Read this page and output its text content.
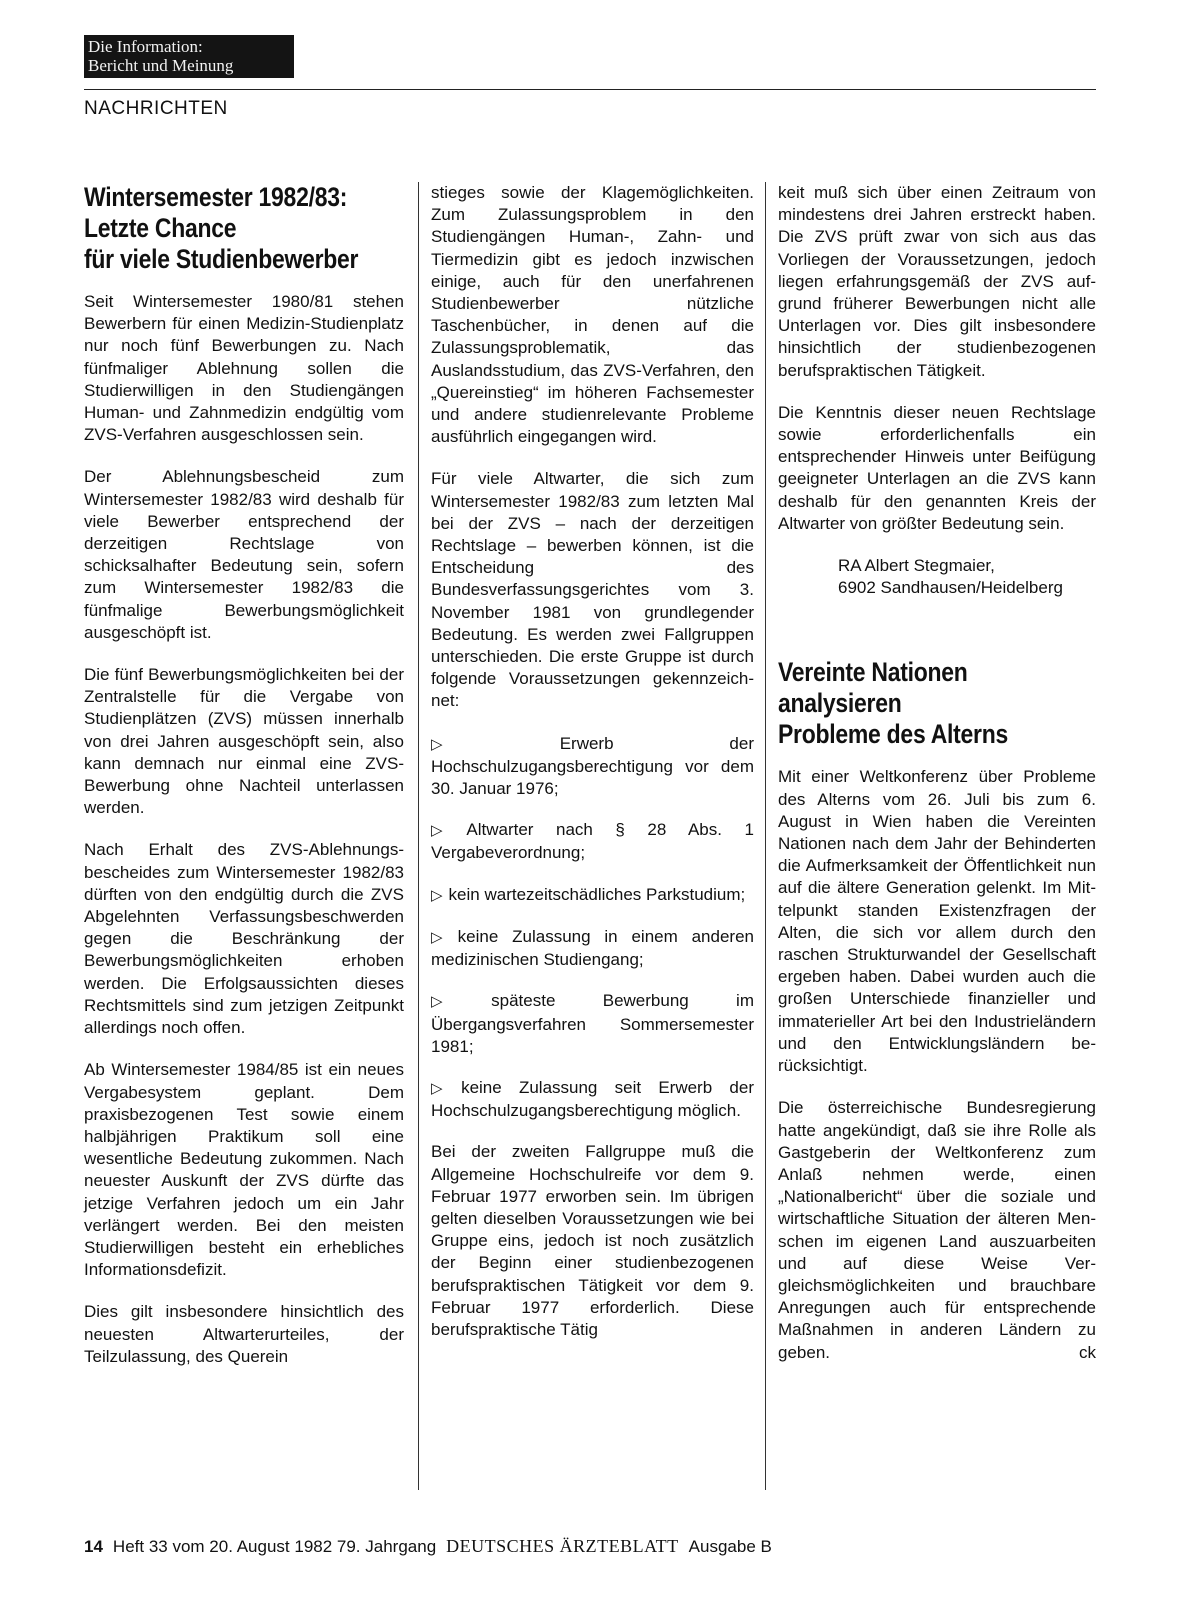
Die Information:
Bericht und Meinung
NACHRICHTEN
Wintersemester 1982/83:
Letzte Chance
für viele Studienbewerber

Seit Wintersemester 1980/81 stehen Bewerbern für einen Medizin-Studienplatz nur noch fünf Bewerbungen zu. Nach fünfmaliger Ablehnung sollen die Studierwilligen in den Studiengängen Human- und Zahnmedizin endgültig vom ZVS-Verfahren ausgeschlossen sein.

Der Ablehnungsbescheid zum Wintersemester 1982/83 wird deshalb für viele Bewerber entsprechend der derzeitigen Rechtslage von schicksalhafter Bedeutung sein, sofern zum Wintersemester 1982/83 die fünfmalige Bewerbungsmöglichkeit ausgeschöpft ist.

Die fünf Bewerbungsmöglichkeiten bei der Zentralstelle für die Vergabe von Studienplätzen (ZVS) müssen innerhalb von drei Jahren ausgeschöpft sein, also kann demnach nur einmal eine ZVS-Bewerbung ohne Nachteil unterlassen werden.

Nach Erhalt des ZVS-Ablehnungsbescheides zum Wintersemester 1982/83 dürften von den endgültig durch die ZVS Abgelehnten Verfassungsbeschwerden gegen die Beschränkung der Bewerbungsmöglichkeiten erhoben werden. Die Erfolgsaussichten dieses Rechtsmittels sind zum jetzigen Zeitpunkt allerdings noch offen.

Ab Wintersemester 1984/85 ist ein neues Vergabesystem geplant. Dem praxisbezogenen Test sowie einem halbjährigen Praktikum soll eine wesentliche Bedeutung zukommen. Nach neuester Auskunft der ZVS dürfte das jetzige Verfahren jedoch um ein Jahr verlängert werden. Bei den meisten Studierwilligen besteht ein erhebliches Informationsdefizit.

Dies gilt insbesondere hinsichtlich des neuesten Altwarterurteiles, der Teilzulassung, des Querein

stieges sowie der Klagemöglichkeiten. Zum Zulassungsproblem in den Studiengängen Human-, Zahn- und Tiermedizin gibt es jedoch inzwischen einige, auch für den unerfahrenen Studienbewerber nützliche Taschenbücher, in denen auf die Zulassungsproblematik, das Auslandsstudium, das ZVS-Verfahren, den „Quereinstieg“ im höheren Fachsemester und andere studienrelevante Probleme ausführlich eingegangen wird.

Für viele Altwarter, die sich zum Wintersemester 1982/83 zum letzten Mal bei der ZVS – nach der derzeitigen Rechtslage – bewerben können, ist die Entscheidung des Bundesverfassungsgerichtes vom 3. November 1981 von grundlegender Bedeutung. Es werden zwei Fallgruppen unterschieden. Die erste Gruppe ist durch folgende Voraussetzungen gekennzeichnet:

▷ Erwerb der Hochschulzugangsberechtigung vor dem 30. Januar 1976;

▷ Altwarter nach § 28 Abs. 1 Vergabeverordnung;

▷ kein wartezeitschädliches Parkstudium;

▷ keine Zulassung in einem anderen medizinischen Studiengang;

▷ späteste Bewerbung im Übergangsverfahren Sommersemester 1981;

▷ keine Zulassung seit Erwerb der Hochschulzugangsberechtigung möglich.

Bei der zweiten Fallgruppe muß die Allgemeine Hochschulreife vor dem 9. Februar 1977 erworben sein. Im übrigen gelten dieselben Voraussetzungen wie bei Gruppe eins, jedoch ist noch zusätzlich der Beginn einer studienbezogenen berufspraktischen Tätigkeit vor dem 9. Februar 1977 erforderlich. Diese berufspraktische Tätig

keit muß sich über einen Zeitraum von mindestens drei Jahren erstreckt haben. Die ZVS prüft zwar von sich aus das Vorliegen der Voraussetzungen, jedoch liegen erfahrungsgemäß der ZVS aufgrund früherer Bewerbungen nicht alle Unterlagen vor. Dies gilt insbesondere hinsichtlich der studienbezogenen berufspraktischen Tätigkeit.

Die Kenntnis dieser neuen Rechtslage sowie erforderlichenfalls ein entsprechender Hinweis unter Beifügung geeigneter Unterlagen an die ZVS kann deshalb für den genannten Kreis der Altwarter von größter Bedeutung sein.

RA Albert Stegmaier,
6902 Sandhausen/Heidelberg
Vereinte Nationen
analysieren
Probleme des Alterns

Mit einer Weltkonferenz über Probleme des Alterns vom 26. Juli bis zum 6. August in Wien haben die Vereinten Nationen nach dem Jahr der Behinderten die Aufmerksamkeit der Öffentlichkeit nun auf die ältere Generation gelenkt. Im Mittelpunkt standen Existenzfragen der Alten, die sich vor allem durch den raschen Strukturwandel der Gesellschaft ergeben haben. Dabei wurden auch die großen Unterschiede finanzieller und immaterieller Art bei den Industrieländern und den Entwicklungsländern berücksichtigt.

Die österreichische Bundesregierung hatte angekündigt, daß sie ihre Rolle als Gastgeberin der Weltkonferenz zum Anlaß nehmen werde, einen „Nationalbericht“ über die soziale und wirtschaftliche Situation der älteren Menschen im eigenen Land auszuarbeiten und auf diese Weise Vergleichsmöglichkeiten und brauchbare Anregungen auch für entsprechende Maßnahmen in anderen Ländern zu geben.	ck

14 Heft 33 vom 20. August 1982 79. Jahrgang DEUTSCHES ÄRZTEBLATT Ausgabe B
